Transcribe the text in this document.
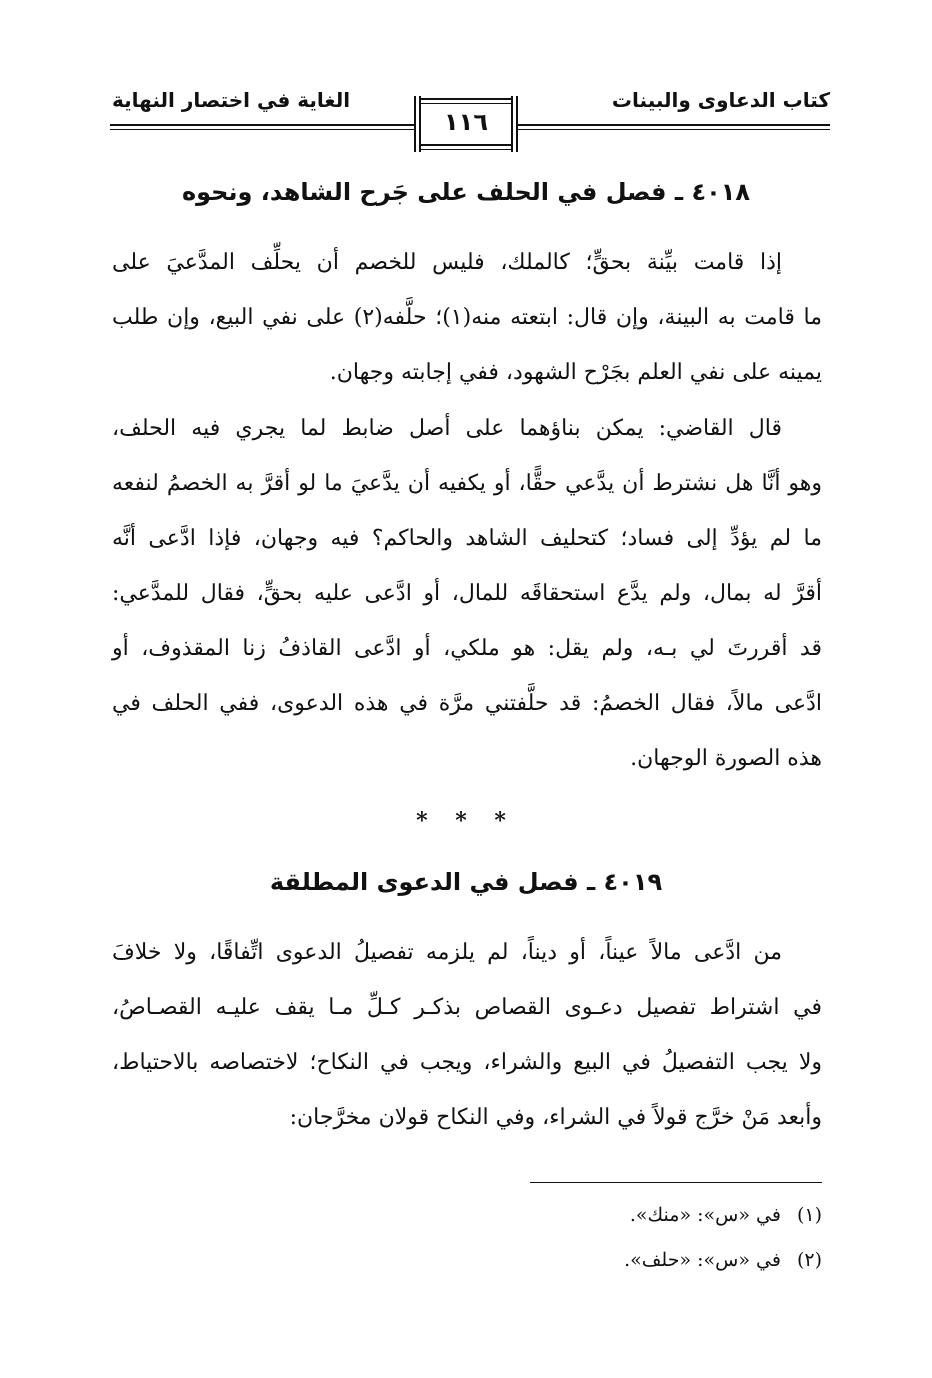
كتاب الدعاوى والبينات
الغاية في اختصار النهاية
١١٦
٤٠١٨ ـ فصل في الحلف على جَرح الشاهد، ونحوه
إذا قامت بيِّنة بحقٍّ؛ كالملك، فليس للخصم أن يحلِّف المدَّعيَ على
ما قامت به البينة، وإن قال: ابتعته منه(١)؛ حلَّفه(٢) على نفي البيع، وإن طلب
يمينه على نفي العلم بجَرْح الشهود، ففي إجابته وجهان.
قال القاضي: يمكن بناؤهما على أصل ضابط لما يجري فيه الحلف،
وهو أنَّا هل نشترط أن يدَّعي حقًّا، أو يكفيه أن يدَّعيَ ما لو أقرَّ به الخصمُ لنفعه
ما لم يؤدِّ إلى فساد؛ كتحليف الشاهد والحاكم؟ فيه وجهان، فإذا ادَّعى أنَّه
أقرَّ له بمال، ولم يدَّع استحقاقَه للمال، أو ادَّعى عليه بحقٍّ، فقال للمدَّعي:
قد أقررتَ لي بـه، ولم يقل: هو ملكي، أو ادَّعى القاذفُ زنا المقذوف، أو
ادَّعى مالاً، فقال الخصمُ: قد حلَّفتني مرَّة في هذه الدعوى، ففي الحلف في
هذه الصورة الوجهان.
* * *
٤٠١٩ ـ فصل في الدعوى المطلقة
من ادَّعى مالاً عيناً، أو ديناً، لم يلزمه تفصيلُ الدعوى اتِّفاقًا، ولا خلافَ
في اشتراط تفصيل دعـوى القصاص بذكـر كـلِّ مـا يقف عليـه القصـاصُ،
ولا يجب التفصيلُ في البيع والشراء، ويجب في النكاح؛ لاختصاصه بالاحتياط،
وأبعد مَنْ خرَّج قولاً في الشراء، وفي النكاح قولان مخرَّجان:
(١)في «س»: «منك».
(٢)في «س»: «حلف».
